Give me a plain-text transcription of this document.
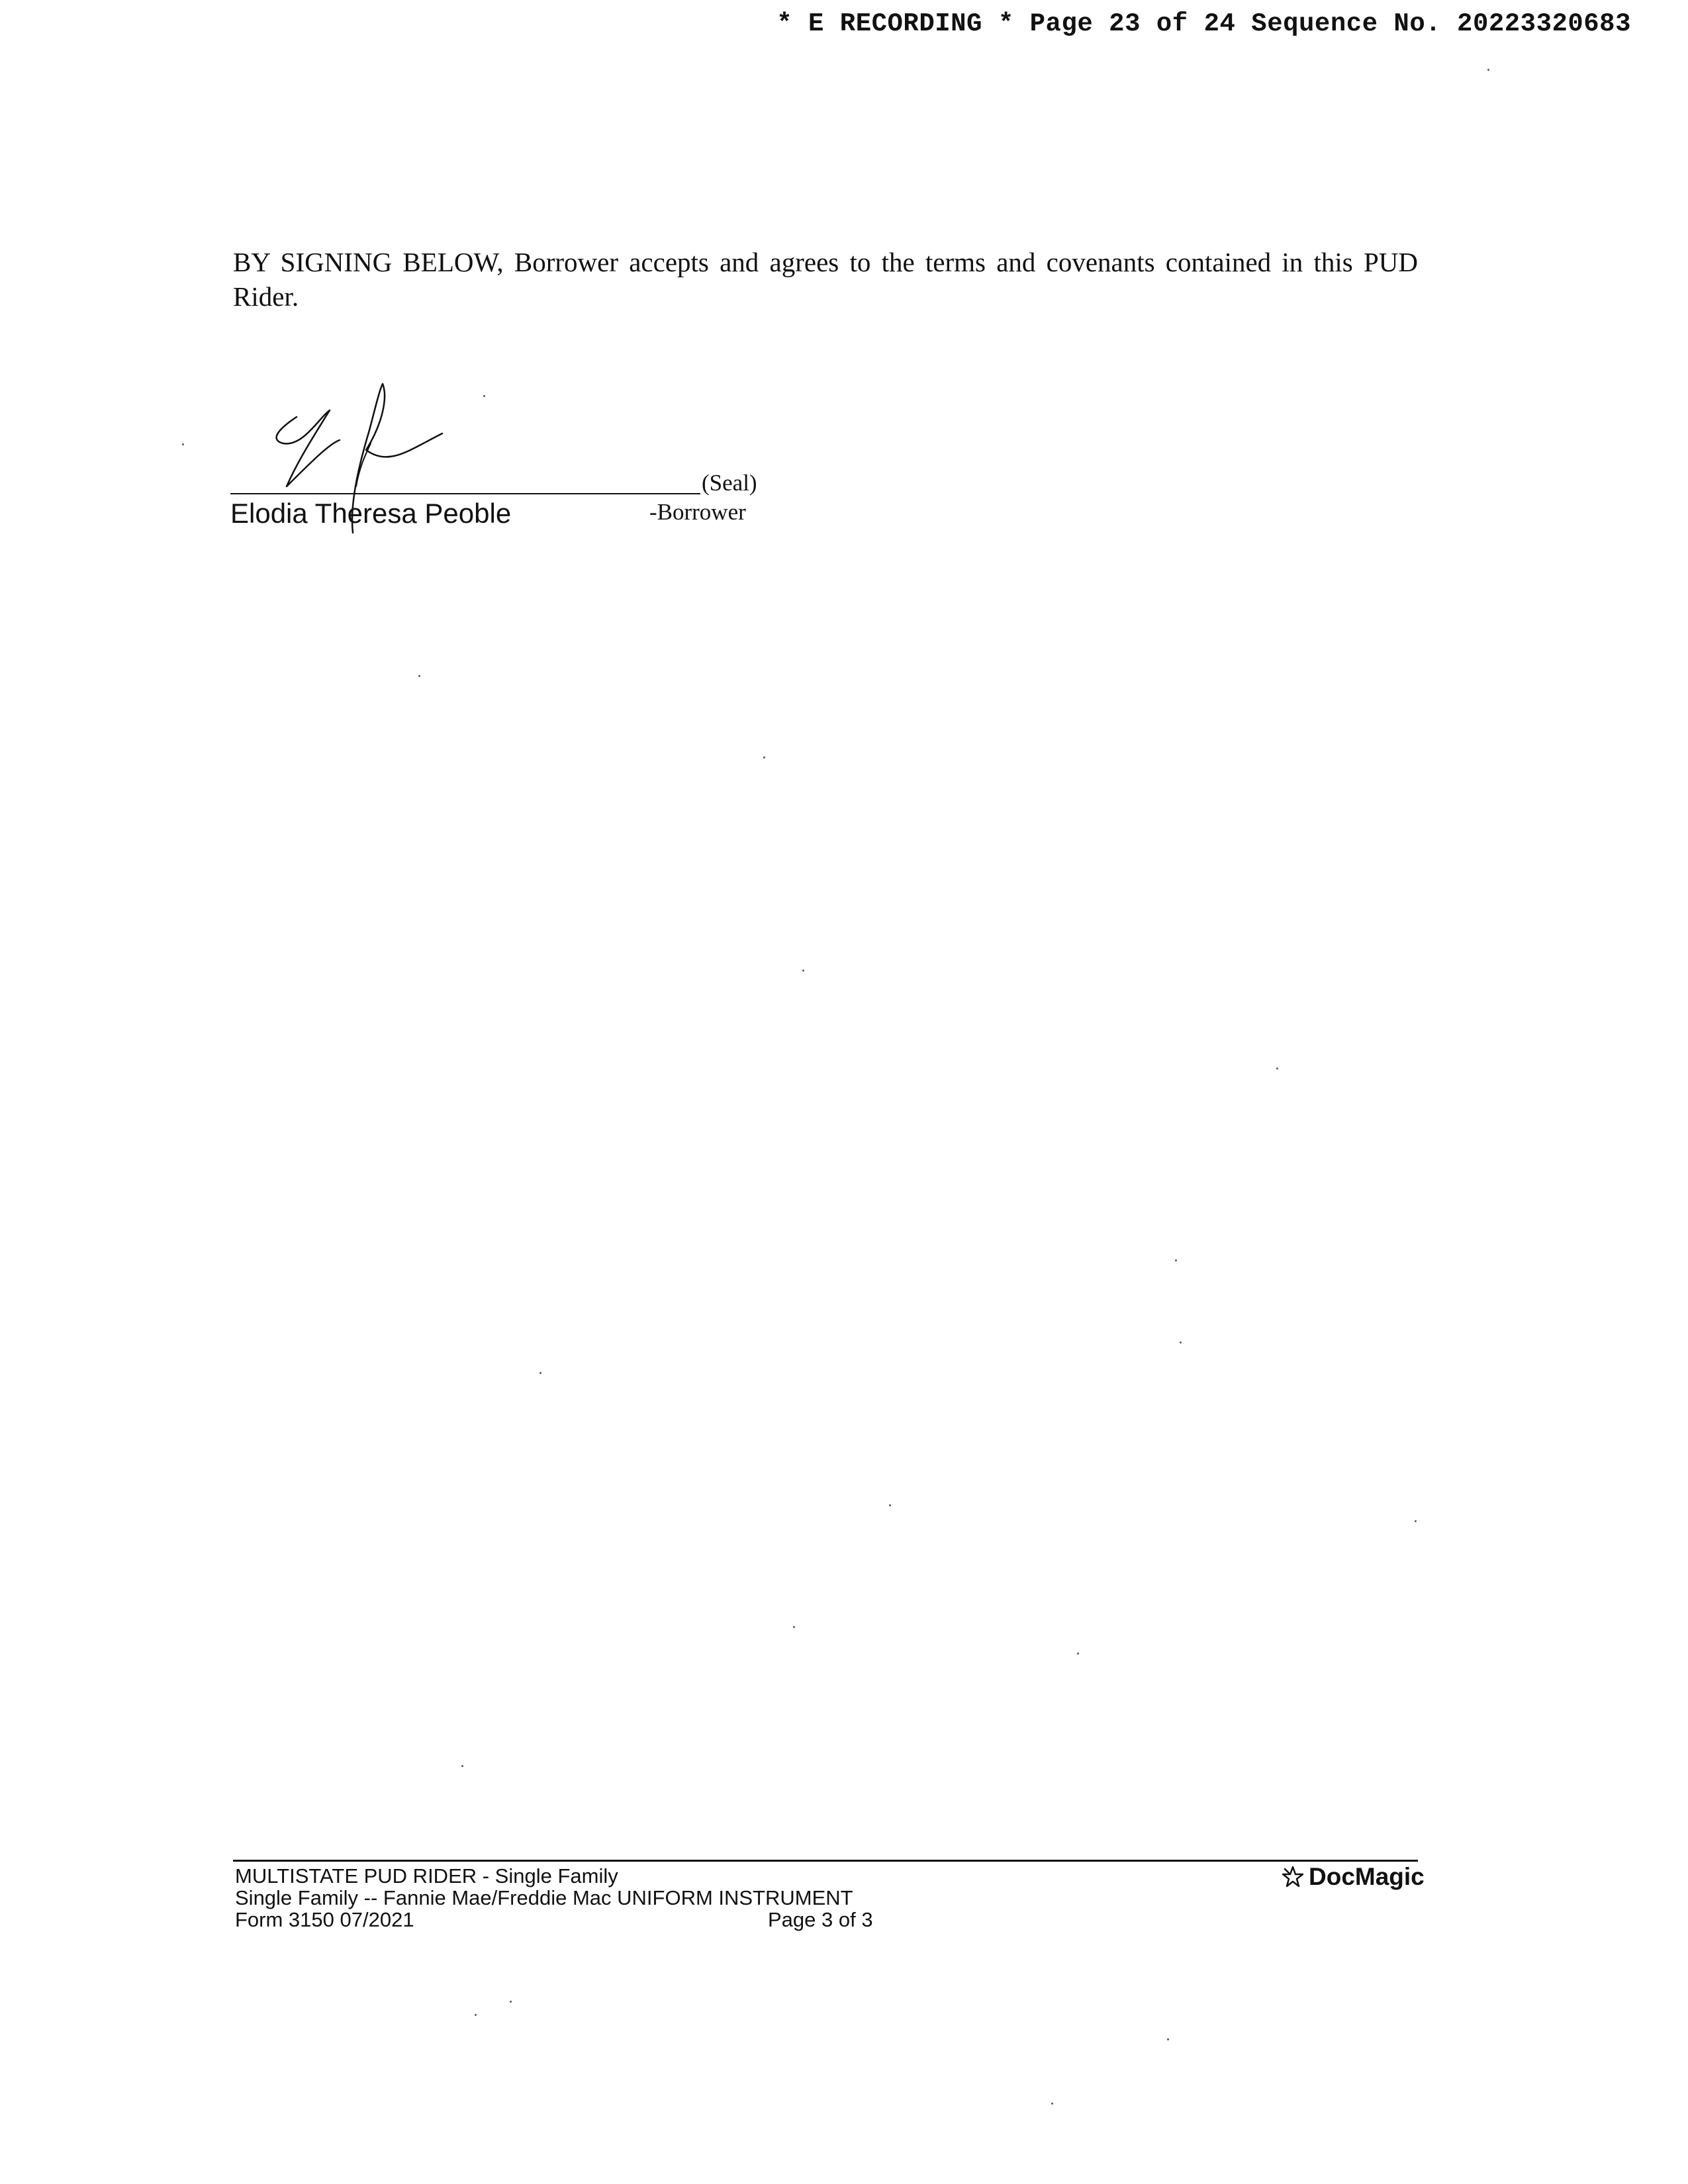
* E RECORDING * Page 23 of 24 Sequence No. 20223320683
BY SIGNING BELOW, Borrower accepts and agrees to the terms and covenants contained in this PUD Rider.
(Seal)
Elodia Theresa Peoble	-Borrower
MULTISTATE PUD RIDER - Single Family
Single Family -- Fannie Mae/Freddie Mac UNIFORM INSTRUMENT
Form 3150 07/2021	Page 3 of 3
DocMagic
